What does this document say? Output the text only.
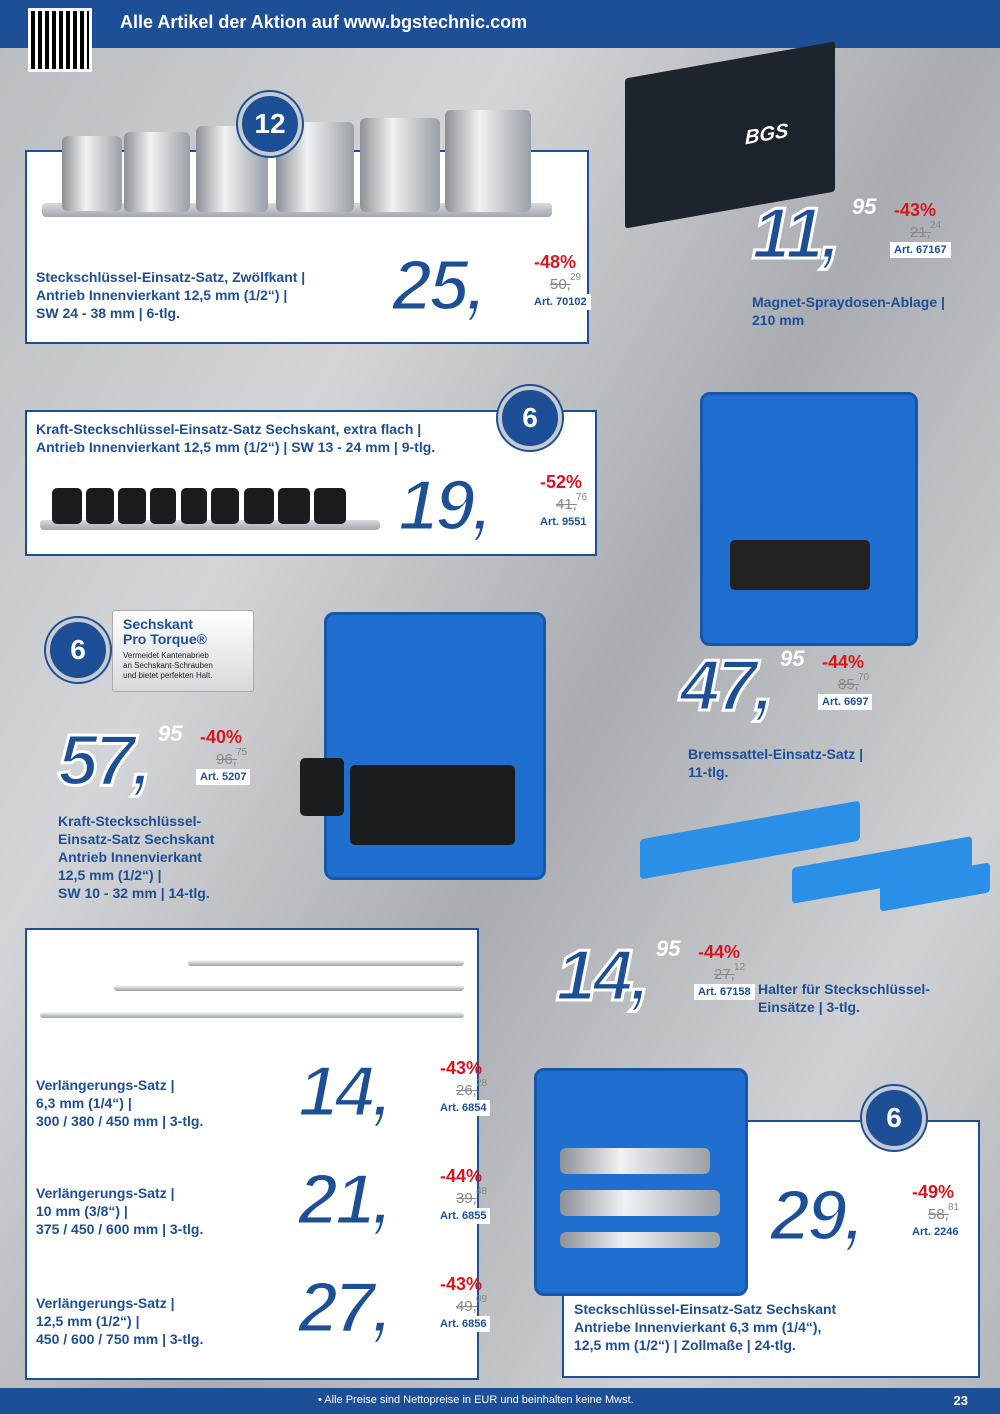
Alle Artikel der Aktion auf www.bgstechnic.com
12
Steckschlüssel-Einsatz-Satz, Zwölfkant |
Antrieb Innenvierkant 12,5 mm (1/2“) |
SW 24 - 38 mm | 6-tlg.	25, 95 -48%
50, 29
Art. 70102
BGS
11, 95 -43%
21, 24
Art. 67167
Magnet-Spraydosen-Ablage |
210 mm
6
Kraft-Steckschlüssel-Einsatz-Satz Sechskant, extra flach |
Antrieb Innenvierkant 12,5 mm (1/2“) | SW 13 - 24 mm | 9-tlg.
19, 95 -52%
41, 76
Art. 9551
47, 95 -44%
85, 70
Art. 6697
Bremssattel-Einsatz-Satz |
11-tlg.
Sechskant
Pro Torque®
Vermeidet Kantenabrieb
an Sechskant-Schrauben
und bietet perfekten Halt.
6
57, 95 -40%
96, 75
Art. 5207
Kraft-Steckschlüssel-
Einsatz-Satz Sechskant
Antrieb Innenvierkant
12,5 mm (1/2“) |
SW 10 - 32 mm | 14-tlg.
14, 95 -44%
27, 12
Art. 67158 Halter für Steckschlüssel-
Einsätze | 3-tlg.
Verlängerungs-Satz |
6,3 mm (1/4“) |
300 / 380 / 450 mm | 3-tlg.	14, 95 -43%
26, 28
Art. 6854
Verlängerungs-Satz |
10 mm (3/8“) |
375 / 450 / 600 mm | 3-tlg.	21, 95 -44%
39, 48
Art. 6855
Verlängerungs-Satz |
12,5 mm (1/2“) |
450 / 600 / 750 mm | 3-tlg.	27, 95 -43%
49, 09
Art. 6856
6
29, 95 -49%
58, 81
Art. 2246
Steckschlüssel-Einsatz-Satz Sechskant
Antriebe Innenvierkant 6,3 mm (1/4“),
12,5 mm (1/2“) | Zollmaße | 24-tlg.
• Alle Preise sind Nettopreise in EUR und beinhalten keine Mwst.	23
